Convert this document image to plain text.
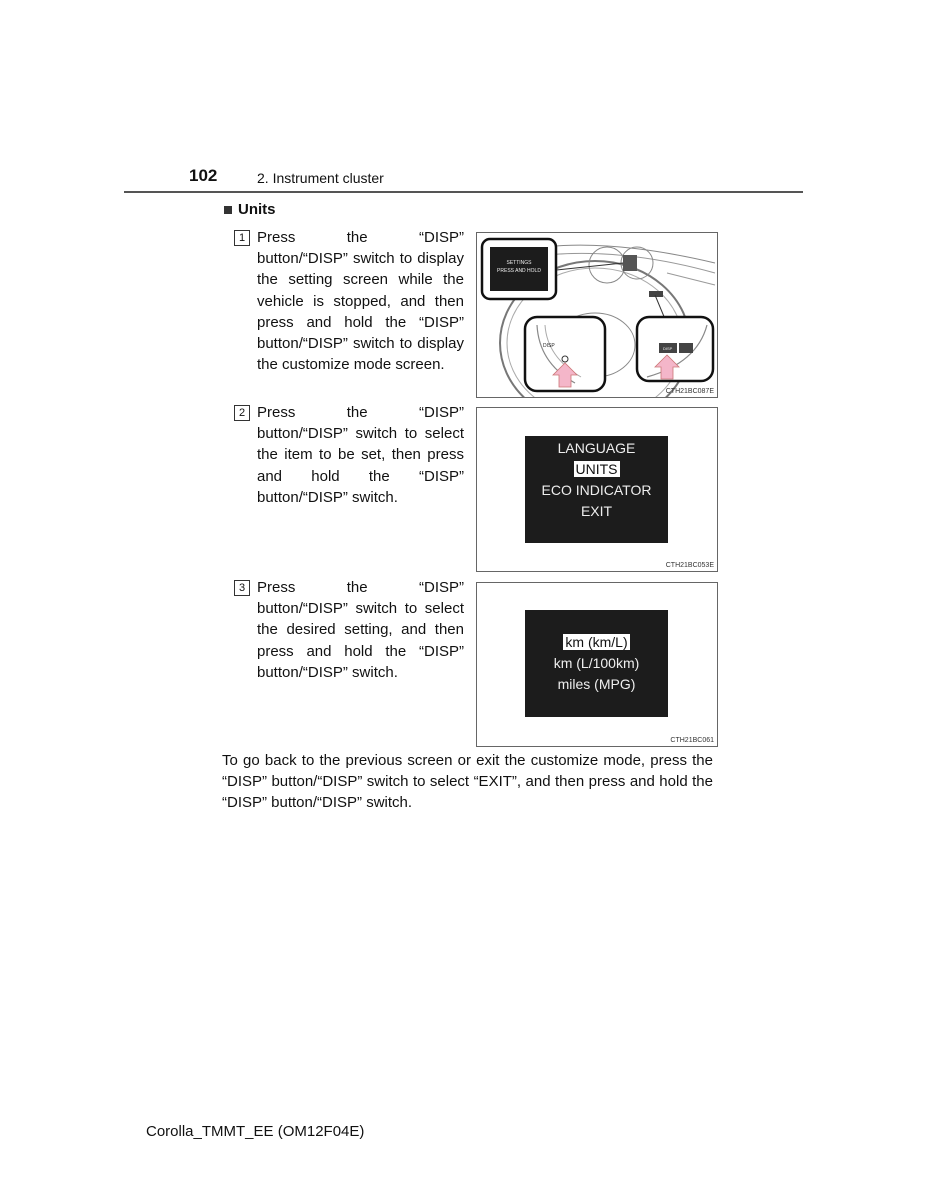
102	2. Instrument cluster
Units
1 Press the “DISP” button/“DISP” switch to display the setting screen while the vehicle is stopped, and then press and hold the “DISP” button/“DISP” switch to display the customize mode screen.
SETTINGS
PRESS AND HOLD
DISP	DISP
CTH21BC087E
2 Press the “DISP” button/“DISP” switch to select the item to be set, then press and hold the “DISP” button/“DISP” switch.
LANGUAGE
UNITS
ECO INDICATOR
EXIT
CTH21BC053E
3 Press the “DISP” button/“DISP” switch to select the desired setting, and then press and hold the “DISP” button/“DISP” switch.
km (km/L)
km (L/100km)
miles (MPG)
CTH21BC061
To go back to the previous screen or exit the customize mode, press the “DISP” button/“DISP” switch to select “EXIT”, and then press and hold the “DISP” button/“DISP” switch.
Corolla_TMMT_EE (OM12F04E)
